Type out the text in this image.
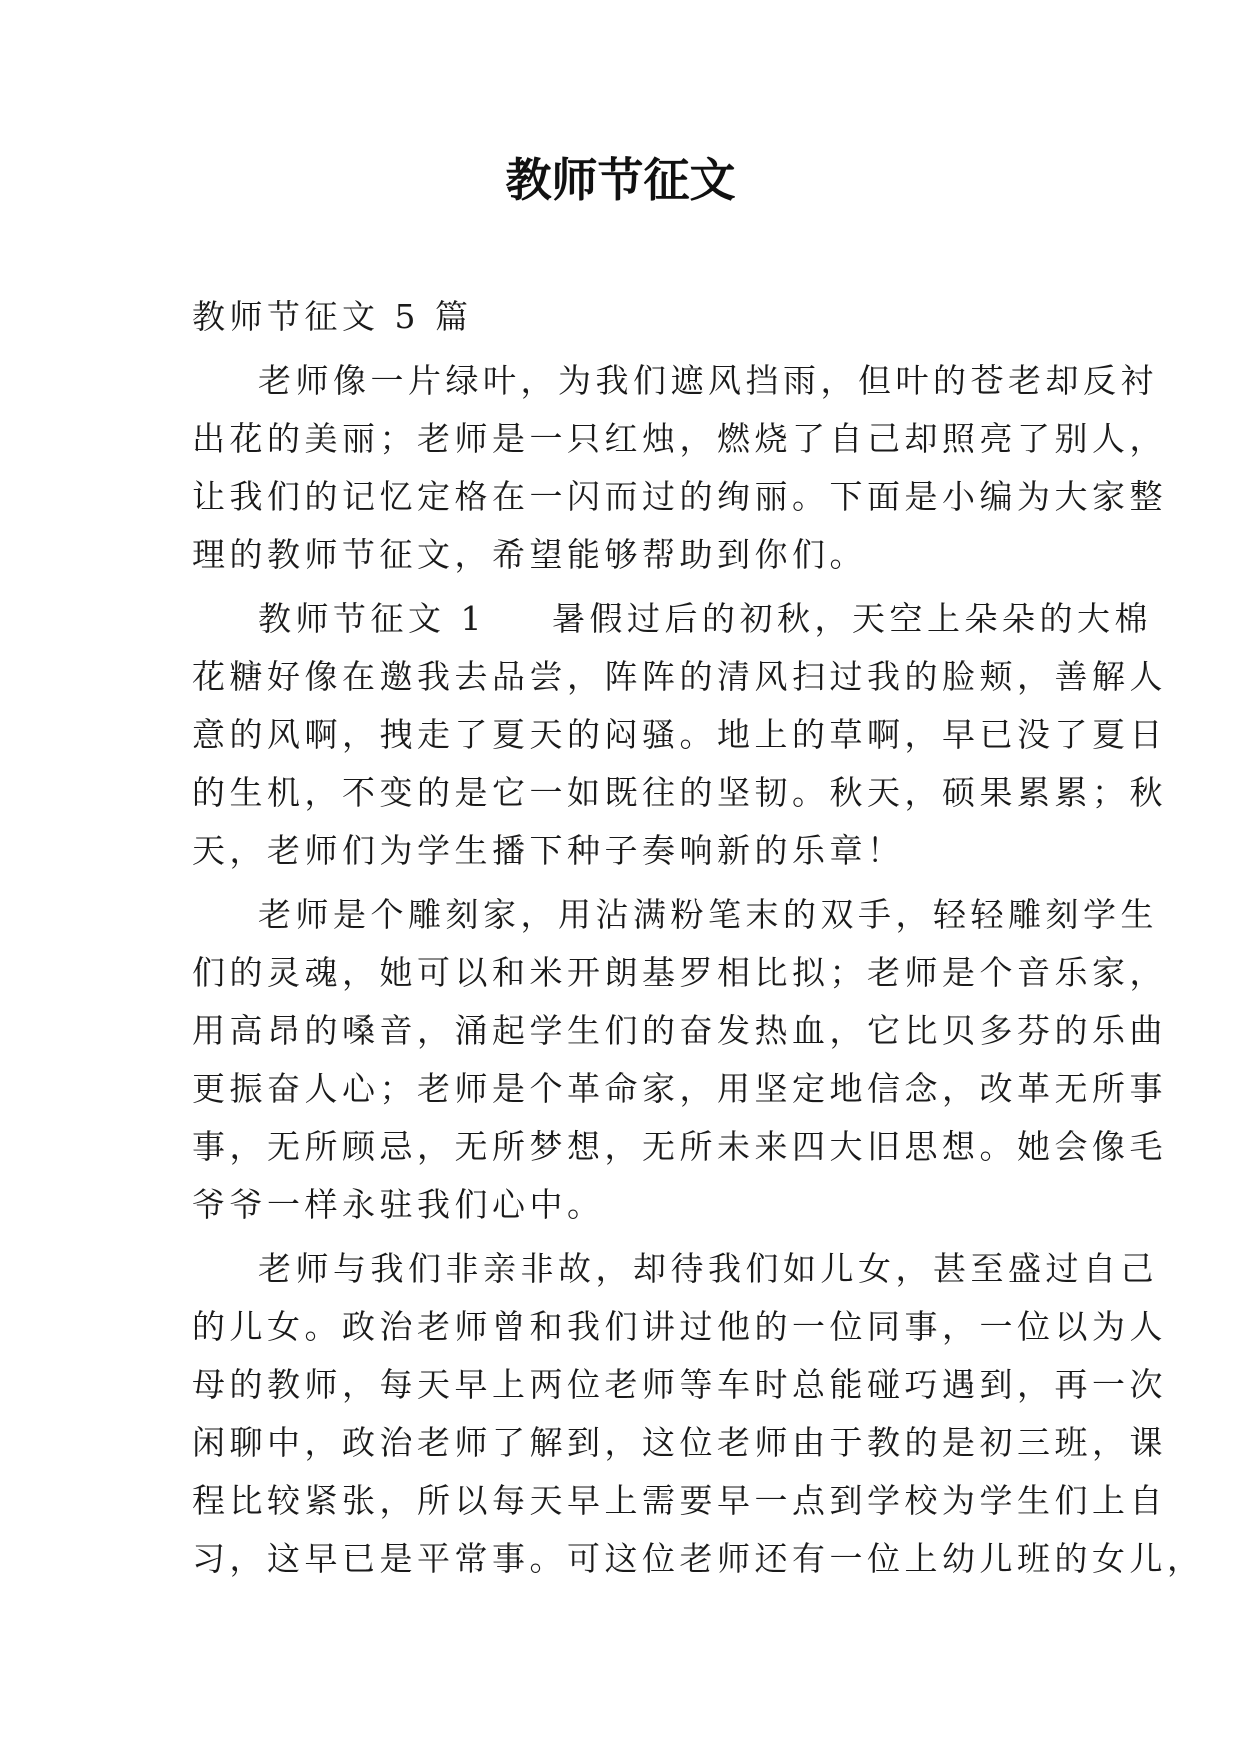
教师节征文
教师节征文 5 篇
老师像一片绿叶，为我们遮风挡雨，但叶的苍老却反衬
出花的美丽；老师是一只红烛，燃烧了自己却照亮了别人，
让我们的记忆定格在一闪而过的绚丽。下面是小编为大家整
理的教师节征文，希望能够帮助到你们。
教师节征文 1 暑假过后的初秋，天空上朵朵的大棉
花糖好像在邀我去品尝，阵阵的清风扫过我的脸颊，善解人
意的风啊，拽走了夏天的闷骚。地上的草啊，早已没了夏日
的生机，不变的是它一如既往的坚韧。秋天，硕果累累；秋
天，老师们为学生播下种子奏响新的乐章！
老师是个雕刻家，用沾满粉笔末的双手，轻轻雕刻学生
们的灵魂，她可以和米开朗基罗相比拟；老师是个音乐家，
用高昂的嗓音，涌起学生们的奋发热血，它比贝多芬的乐曲
更振奋人心；老师是个革命家，用坚定地信念，改革无所事
事，无所顾忌，无所梦想，无所未来四大旧思想。她会像毛
爷爷一样永驻我们心中。
老师与我们非亲非故，却待我们如儿女，甚至盛过自己
的儿女。政治老师曾和我们讲过他的一位同事，一位以为人
母的教师，每天早上两位老师等车时总能碰巧遇到，再一次
闲聊中，政治老师了解到，这位老师由于教的是初三班，课
程比较紧张，所以每天早上需要早一点到学校为学生们上自
习，这早已是平常事。可这位老师还有一位上幼儿班的女儿，
